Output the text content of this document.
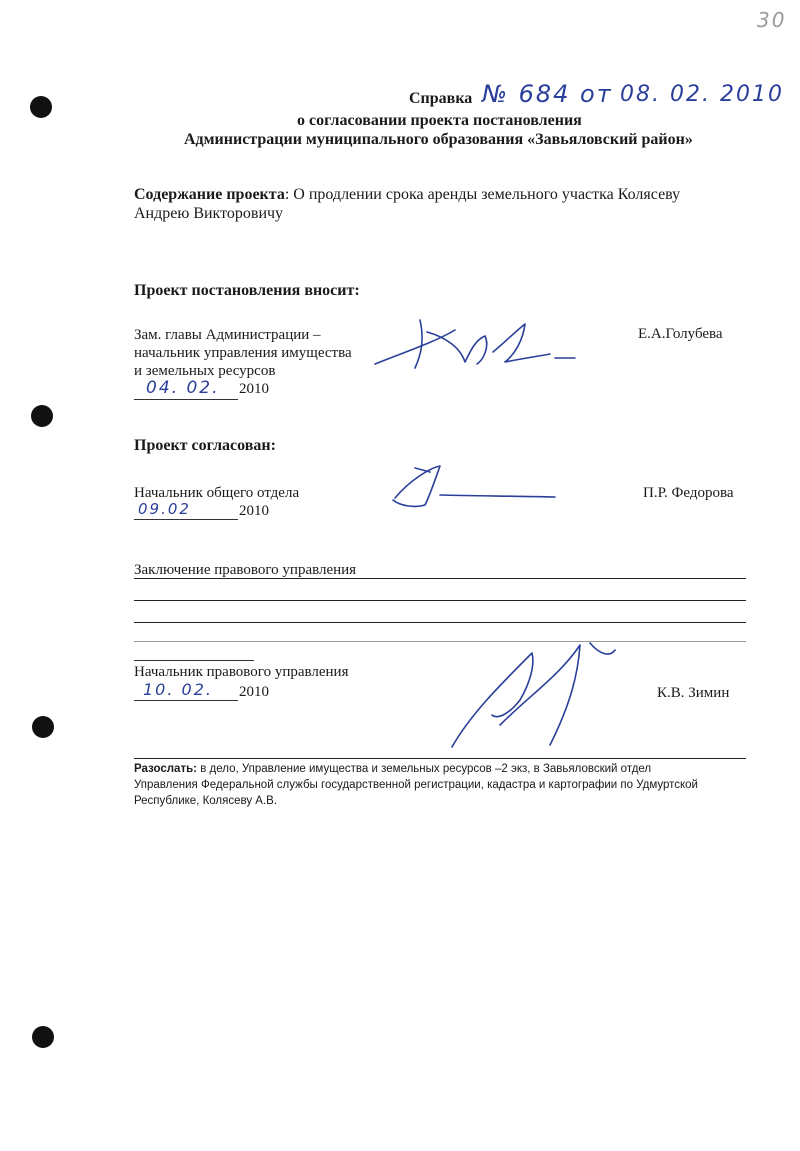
30
Справка № 684 от 08. 02. 2010
о согласовании проекта постановления
Администрации муниципального образования «Завьяловский район»
Содержание проекта: О продлении срока аренды земельного участка Колясеву
Андрею Викторовичу
Проект постановления вносит:
Зам. главы Администрации –
начальник управления имущества
и земельных ресурсов
04. 02. 2010
Е.А.Голубева
Проект согласован:
Начальник общего отдела
09.02	2010
П.Р. Федорова
Заключение правового управления
Начальник правового управления
10. 02. 2010	К.В. Зимин
Разослать: в дело, Управление имущества и земельных ресурсов –2 экз, в Завьяловский отдел
Управления Федеральной службы государственной регистрации, кадастра и картографии по Удмуртской
Республике, Колясеву А.В.
